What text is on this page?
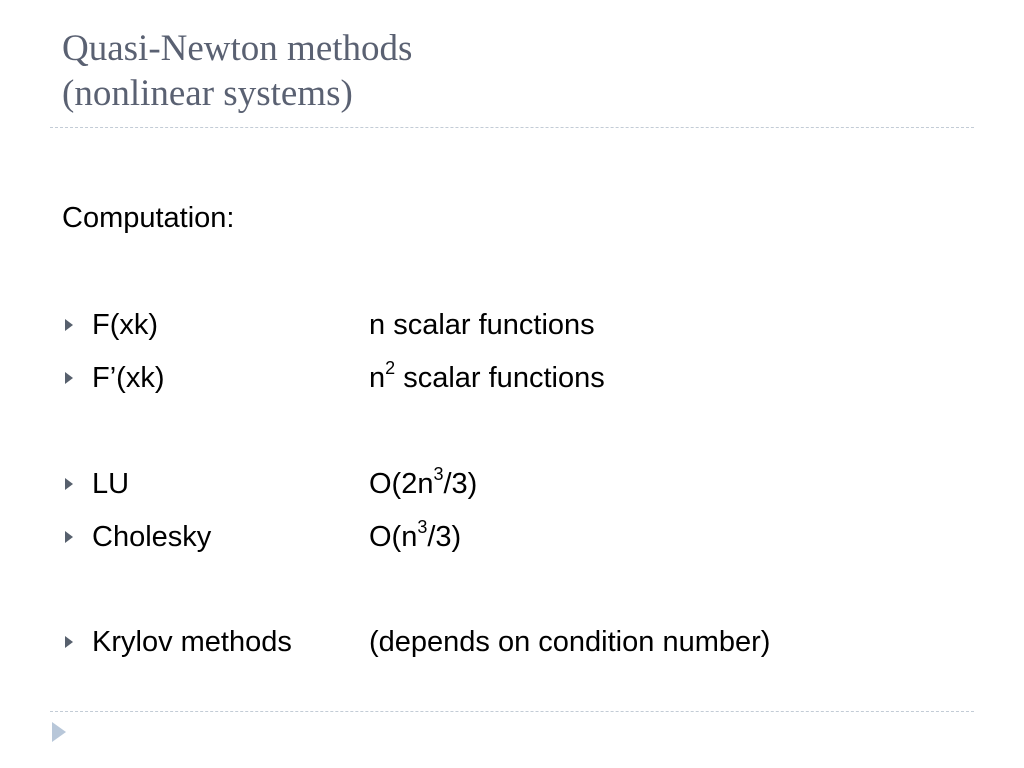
Quasi-Newton methods
(nonlinear systems)
Computation:
F(xk)	n scalar functions
F’(xk)	$n^2$ scalar functions
LU	$O(2n^3/3)$
Cholesky	$O(n^3/3)$
Krylov methods	(depends on condition number)
